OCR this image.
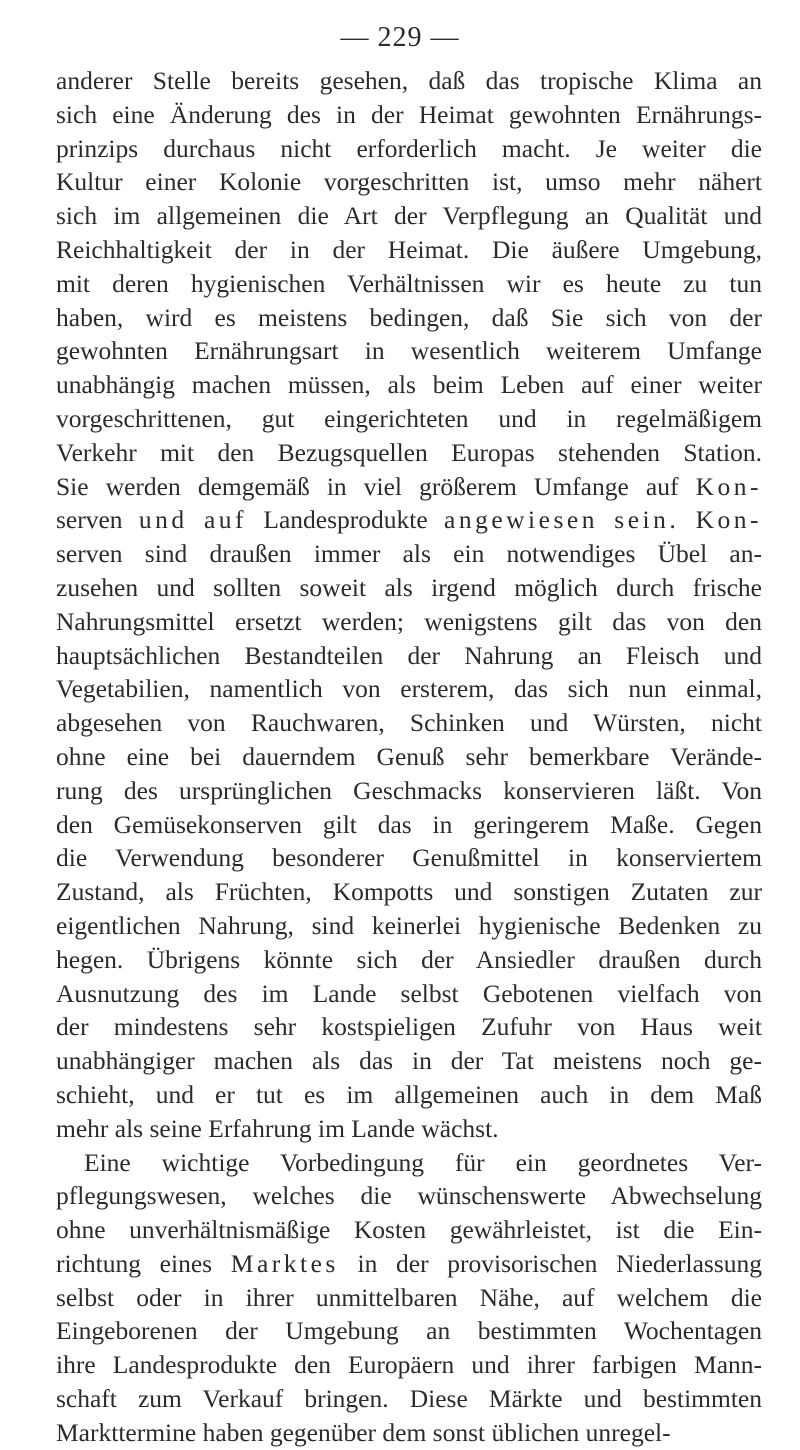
— 229 —
anderer Stelle bereits gesehen, daß das tropische Klima an
sich eine Änderung des in der Heimat gewohnten Ernährungs-
prinzips durchaus nicht erforderlich macht. Je weiter die
Kultur einer Kolonie vorgeschritten ist, umso mehr nähert
sich im allgemeinen die Art der Verpflegung an Qualität und
Reichhaltigkeit der in der Heimat. Die äußere Umgebung,
mit deren hygienischen Verhältnissen wir es heute zu tun
haben, wird es meistens bedingen, daß Sie sich von der
gewohnten Ernährungsart in wesentlich weiterem Umfange
unabhängig machen müssen, als beim Leben auf einer weiter
vorgeschrittenen, gut eingerichteten und in regelmäßigem
Verkehr mit den Bezugsquellen Europas stehenden Station.
Sie werden demgemäß in viel größerem Umfange auf Kon-
serven und auf Landesprodukte angewiesen sein. Kon-
serven sind draußen immer als ein notwendiges Übel an-
zusehen und sollten soweit als irgend möglich durch frische
Nahrungsmittel ersetzt werden; wenigstens gilt das von den
hauptsächlichen Bestandteilen der Nahrung an Fleisch und
Vegetabilien, namentlich von ersterem, das sich nun einmal,
abgesehen von Rauchwaren, Schinken und Würsten, nicht
ohne eine bei dauerndem Genuß sehr bemerkbare Verände-
rung des ursprünglichen Geschmacks konservieren läßt. Von
den Gemüsekonserven gilt das in geringerem Maße. Gegen
die Verwendung besonderer Genußmittel in konserviertem
Zustand, als Früchten, Kompotts und sonstigen Zutaten zur
eigentlichen Nahrung, sind keinerlei hygienische Bedenken zu
hegen. Übrigens könnte sich der Ansiedler draußen durch
Ausnutzung des im Lande selbst Gebotenen vielfach von
der mindestens sehr kostspieligen Zufuhr von Haus weit
unabhängiger machen als das in der Tat meistens noch ge-
schieht, und er tut es im allgemeinen auch in dem Maß
mehr als seine Erfahrung im Lande wächst.
Eine wichtige Vorbedingung für ein geordnetes Ver-
pflegungswesen, welches die wünschenswerte Abwechselung
ohne unverhältnismäßige Kosten gewährleistet, ist die Ein-
richtung eines Marktes in der provisorischen Niederlassung
selbst oder in ihrer unmittelbaren Nähe, auf welchem die
Eingeborenen der Umgebung an bestimmten Wochentagen
ihre Landesprodukte den Europäern und ihrer farbigen Mann-
schaft zum Verkauf bringen. Diese Märkte und bestimmten
Markttermine haben gegenüber dem sonst üblichen unregel-
